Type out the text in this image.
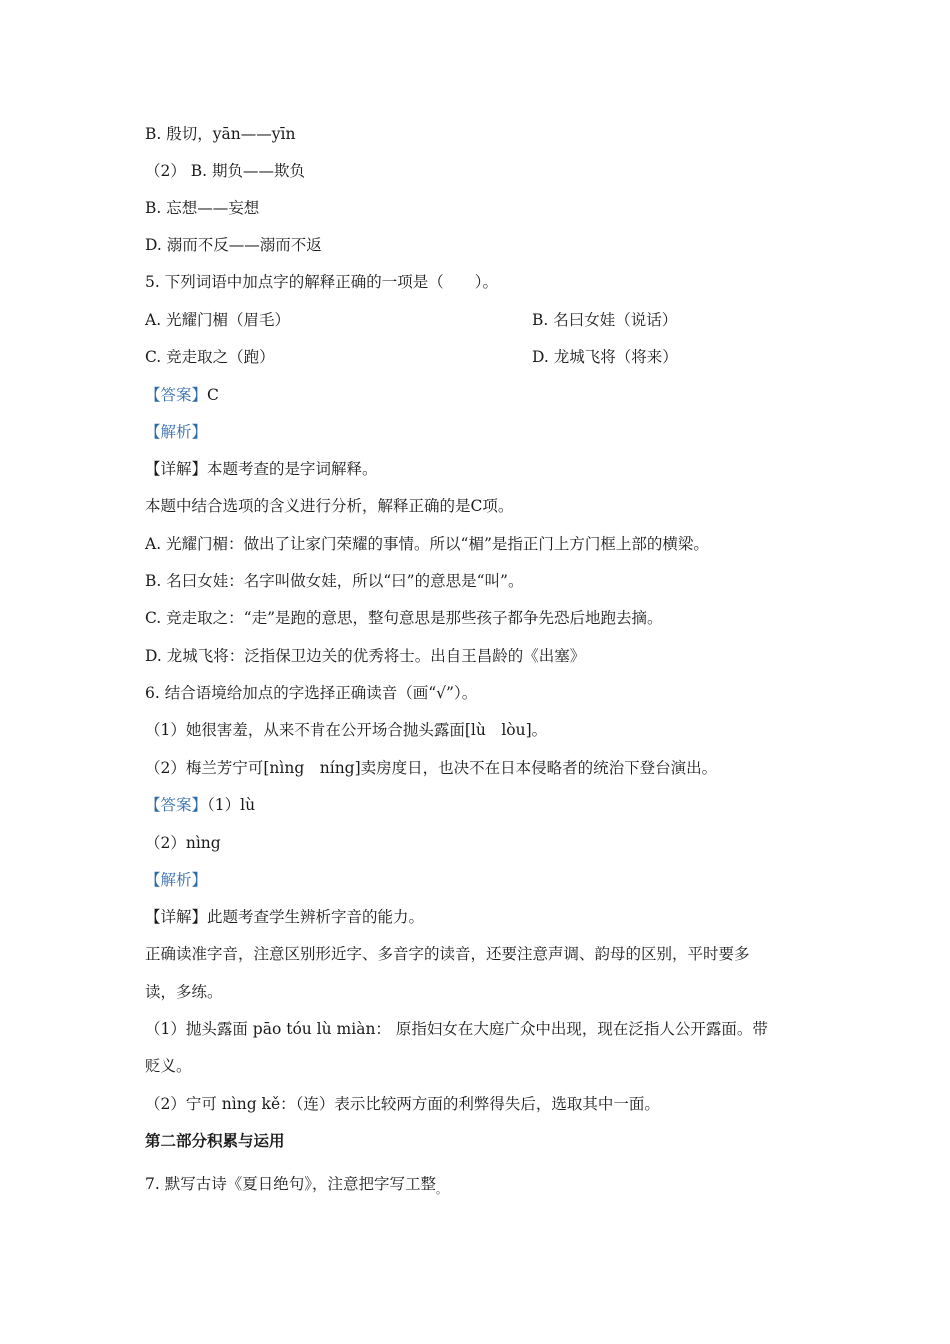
B. 殷切，yān——yīn
（2） B. 期负——欺负
B. 忘想——妄想
D. 溺而不反——溺而不返
5. 下列词语中加点字的解释正确的一项是（　　）。
A. 光耀门楣（眉毛）	B. 名曰女娃（说话）
C. 竞走取之（跑）	D. 龙城飞将（将来）
【答案】C
【解析】
【详解】本题考查的是字词解释。
本题中结合选项的含义进行分析，解释正确的是C项。
A. 光耀门楣：做出了让家门荣耀的事情。所以“楣”是指正门上方门框上部的横梁。
B. 名曰女娃：名字叫做女娃，所以“曰”的意思是“叫”。
C. 竞走取之：“走”是跑的意思，整句意思是那些孩子都争先恐后地跑去摘。
D. 龙城飞将：泛指保卫边关的优秀将士。出自王昌龄的《出塞》
6. 结合语境给加点的字选择正确读音（画“√”）。
（1）她很害羞，从来不肯在公开场合抛头露面[lù　lòu]。
（2）梅兰芳宁可[nìng　níng]卖房度日，也决不在日本侵略者的统治下登台演出。
【答案】（1）lù
（2）nìng
【解析】
【详解】此题考查学生辨析字音的能力。
正确读准字音，注意区别形近字、多音字的读音，还要注意声调、韵母的区别，平时要多
读，多练。
（1）抛头露面 pāo tóu lù miàn： 原指妇女在大庭广众中出现，现在泛指人公开露面。带
贬义。
（2）宁可 nìng kě：（连）表示比较两方面的利弊得失后，选取其中一面。
第二部分积累与运用
7. 默写古诗《夏日绝句》，注意把字写工整$_。$
